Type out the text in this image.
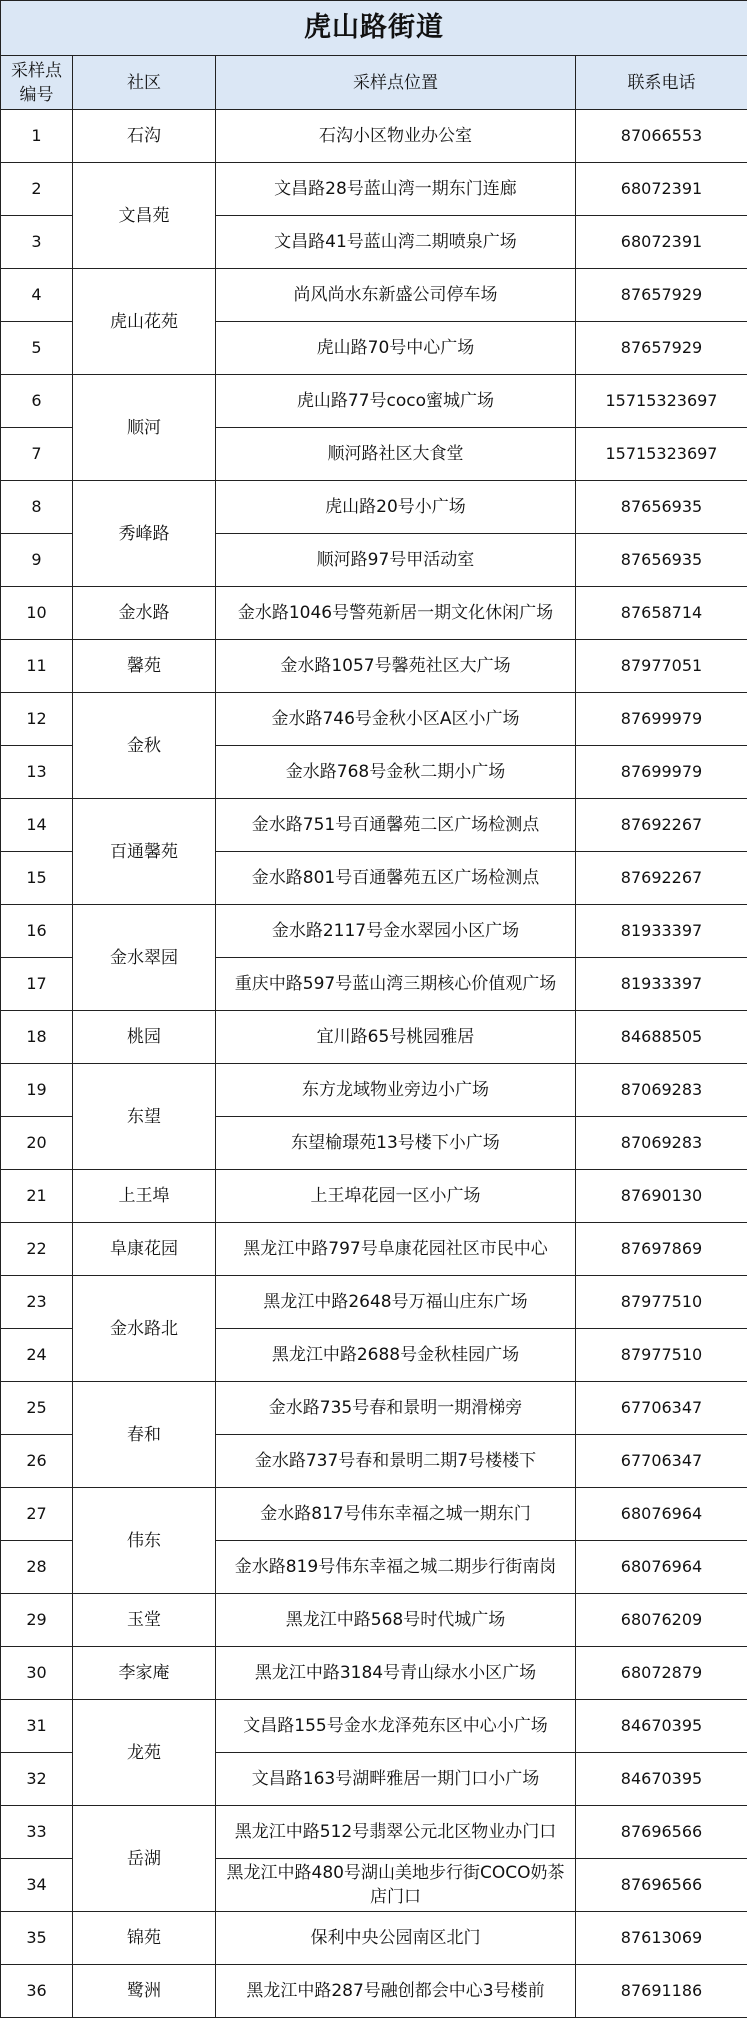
虎山路街道			
采样点
编号	社区	采样点位置	联系电话
1	石沟	石沟小区物业办公室	87066553
2	文昌苑	文昌路28号蓝山湾一期东门连廊	68072391
3		文昌路41号蓝山湾二期喷泉广场	68072391
4	虎山花苑	尚风尚水东新盛公司停车场	87657929
5		虎山路70号中心广场	87657929
6	顺河	虎山路77号coco蜜城广场	15715323697
7		顺河路社区大食堂	15715323697
8	秀峰路	虎山路20号小广场	87656935
9		顺河路97号甲活动室	87656935
10	金水路	金水路1046号警苑新居一期文化休闲广场	87658714
11	馨苑	金水路1057号馨苑社区大广场	87977051
12	金秋	金水路746号金秋小区A区小广场	87699979
13		金水路768号金秋二期小广场	87699979
14	百通馨苑	金水路751号百通馨苑二区广场检测点	87692267
15		金水路801号百通馨苑五区广场检测点	87692267
16	金水翠园	金水路2117号金水翠园小区广场	81933397
17		重庆中路597号蓝山湾三期核心价值观广场	81933397
18	桃园	宜川路65号桃园雅居	84688505
19	东望	东方龙域物业旁边小广场	87069283
20		东望榆璟苑13号楼下小广场	87069283
21	上王埠	上王埠花园一区小广场	87690130
22	阜康花园	黑龙江中路797号阜康花园社区市民中心	87697869
23	金水路北	黑龙江中路2648号万福山庄东广场	87977510
24		黑龙江中路2688号金秋桂园广场	87977510
25	春和	金水路735号春和景明一期滑梯旁	67706347
26		金水路737号春和景明二期7号楼楼下	67706347
27	伟东	金水路817号伟东幸福之城一期东门	68076964
28		金水路819号伟东幸福之城二期步行街南岗	68076964
29	玉堂	黑龙江中路568号时代城广场	68076209
30	李家庵	黑龙江中路3184号青山绿水小区广场	68072879
31	龙苑	文昌路155号金水龙泽苑东区中心小广场	84670395
32		文昌路163号湖畔雅居一期门口小广场	84670395
33	岳湖	黑龙江中路512号翡翠公元北区物业办门口	87696566
34		黑龙江中路480号湖山美地步行街COCO奶茶店门口	87696566
35	锦苑	保利中央公园南区北门	87613069
36	鹭洲	黑龙江中路287号融创都会中心3号楼前	87691186
